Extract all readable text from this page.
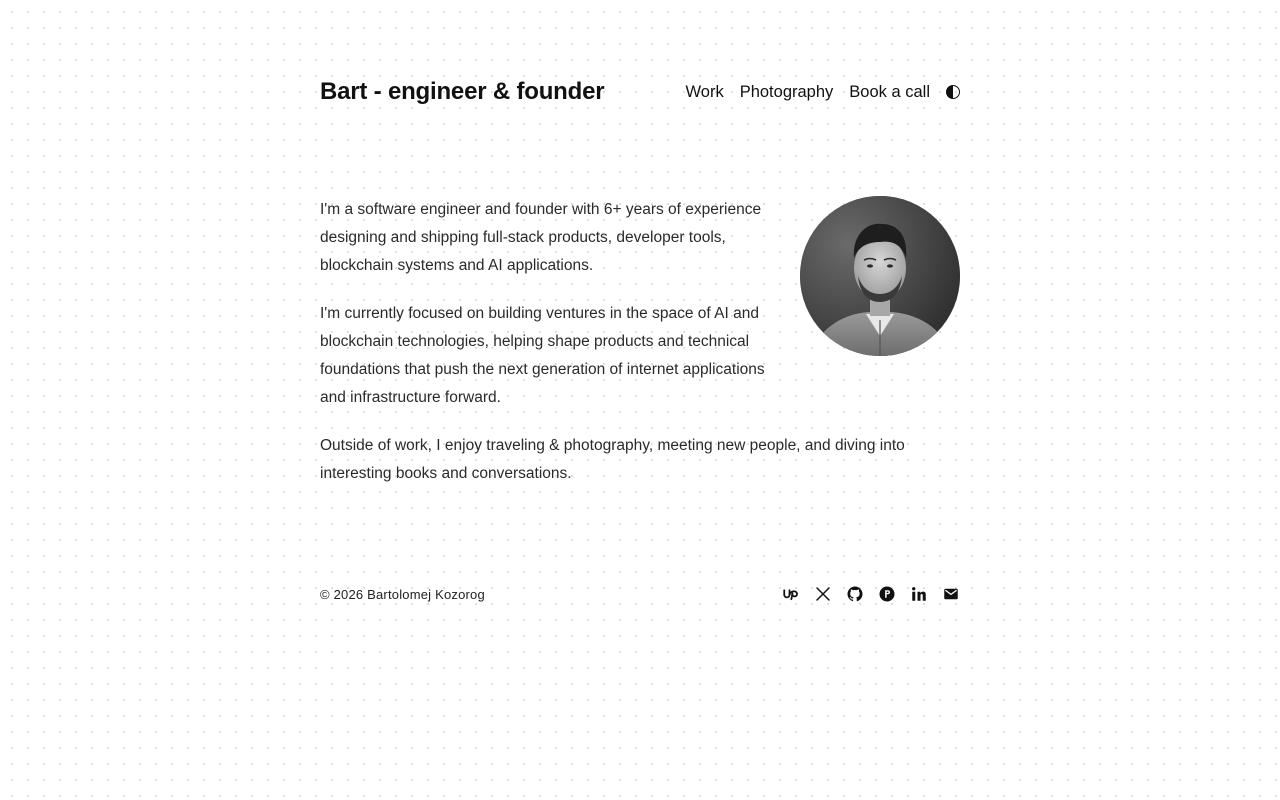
Bart - engineer & founder	Work Photography Book a call

I'm a software engineer and founder with 6+ years of experience designing and shipping full-stack products, developer tools, blockchain systems and AI applications.

I'm currently focused on building ventures in the space of AI and blockchain technologies, helping shape products and technical foundations that push the next generation of internet applications and infrastructure forward.

Outside of work, I enjoy traveling & photography, meeting new people, and diving into interesting books and conversations.

© 2026 Bartolomej Kozorog
